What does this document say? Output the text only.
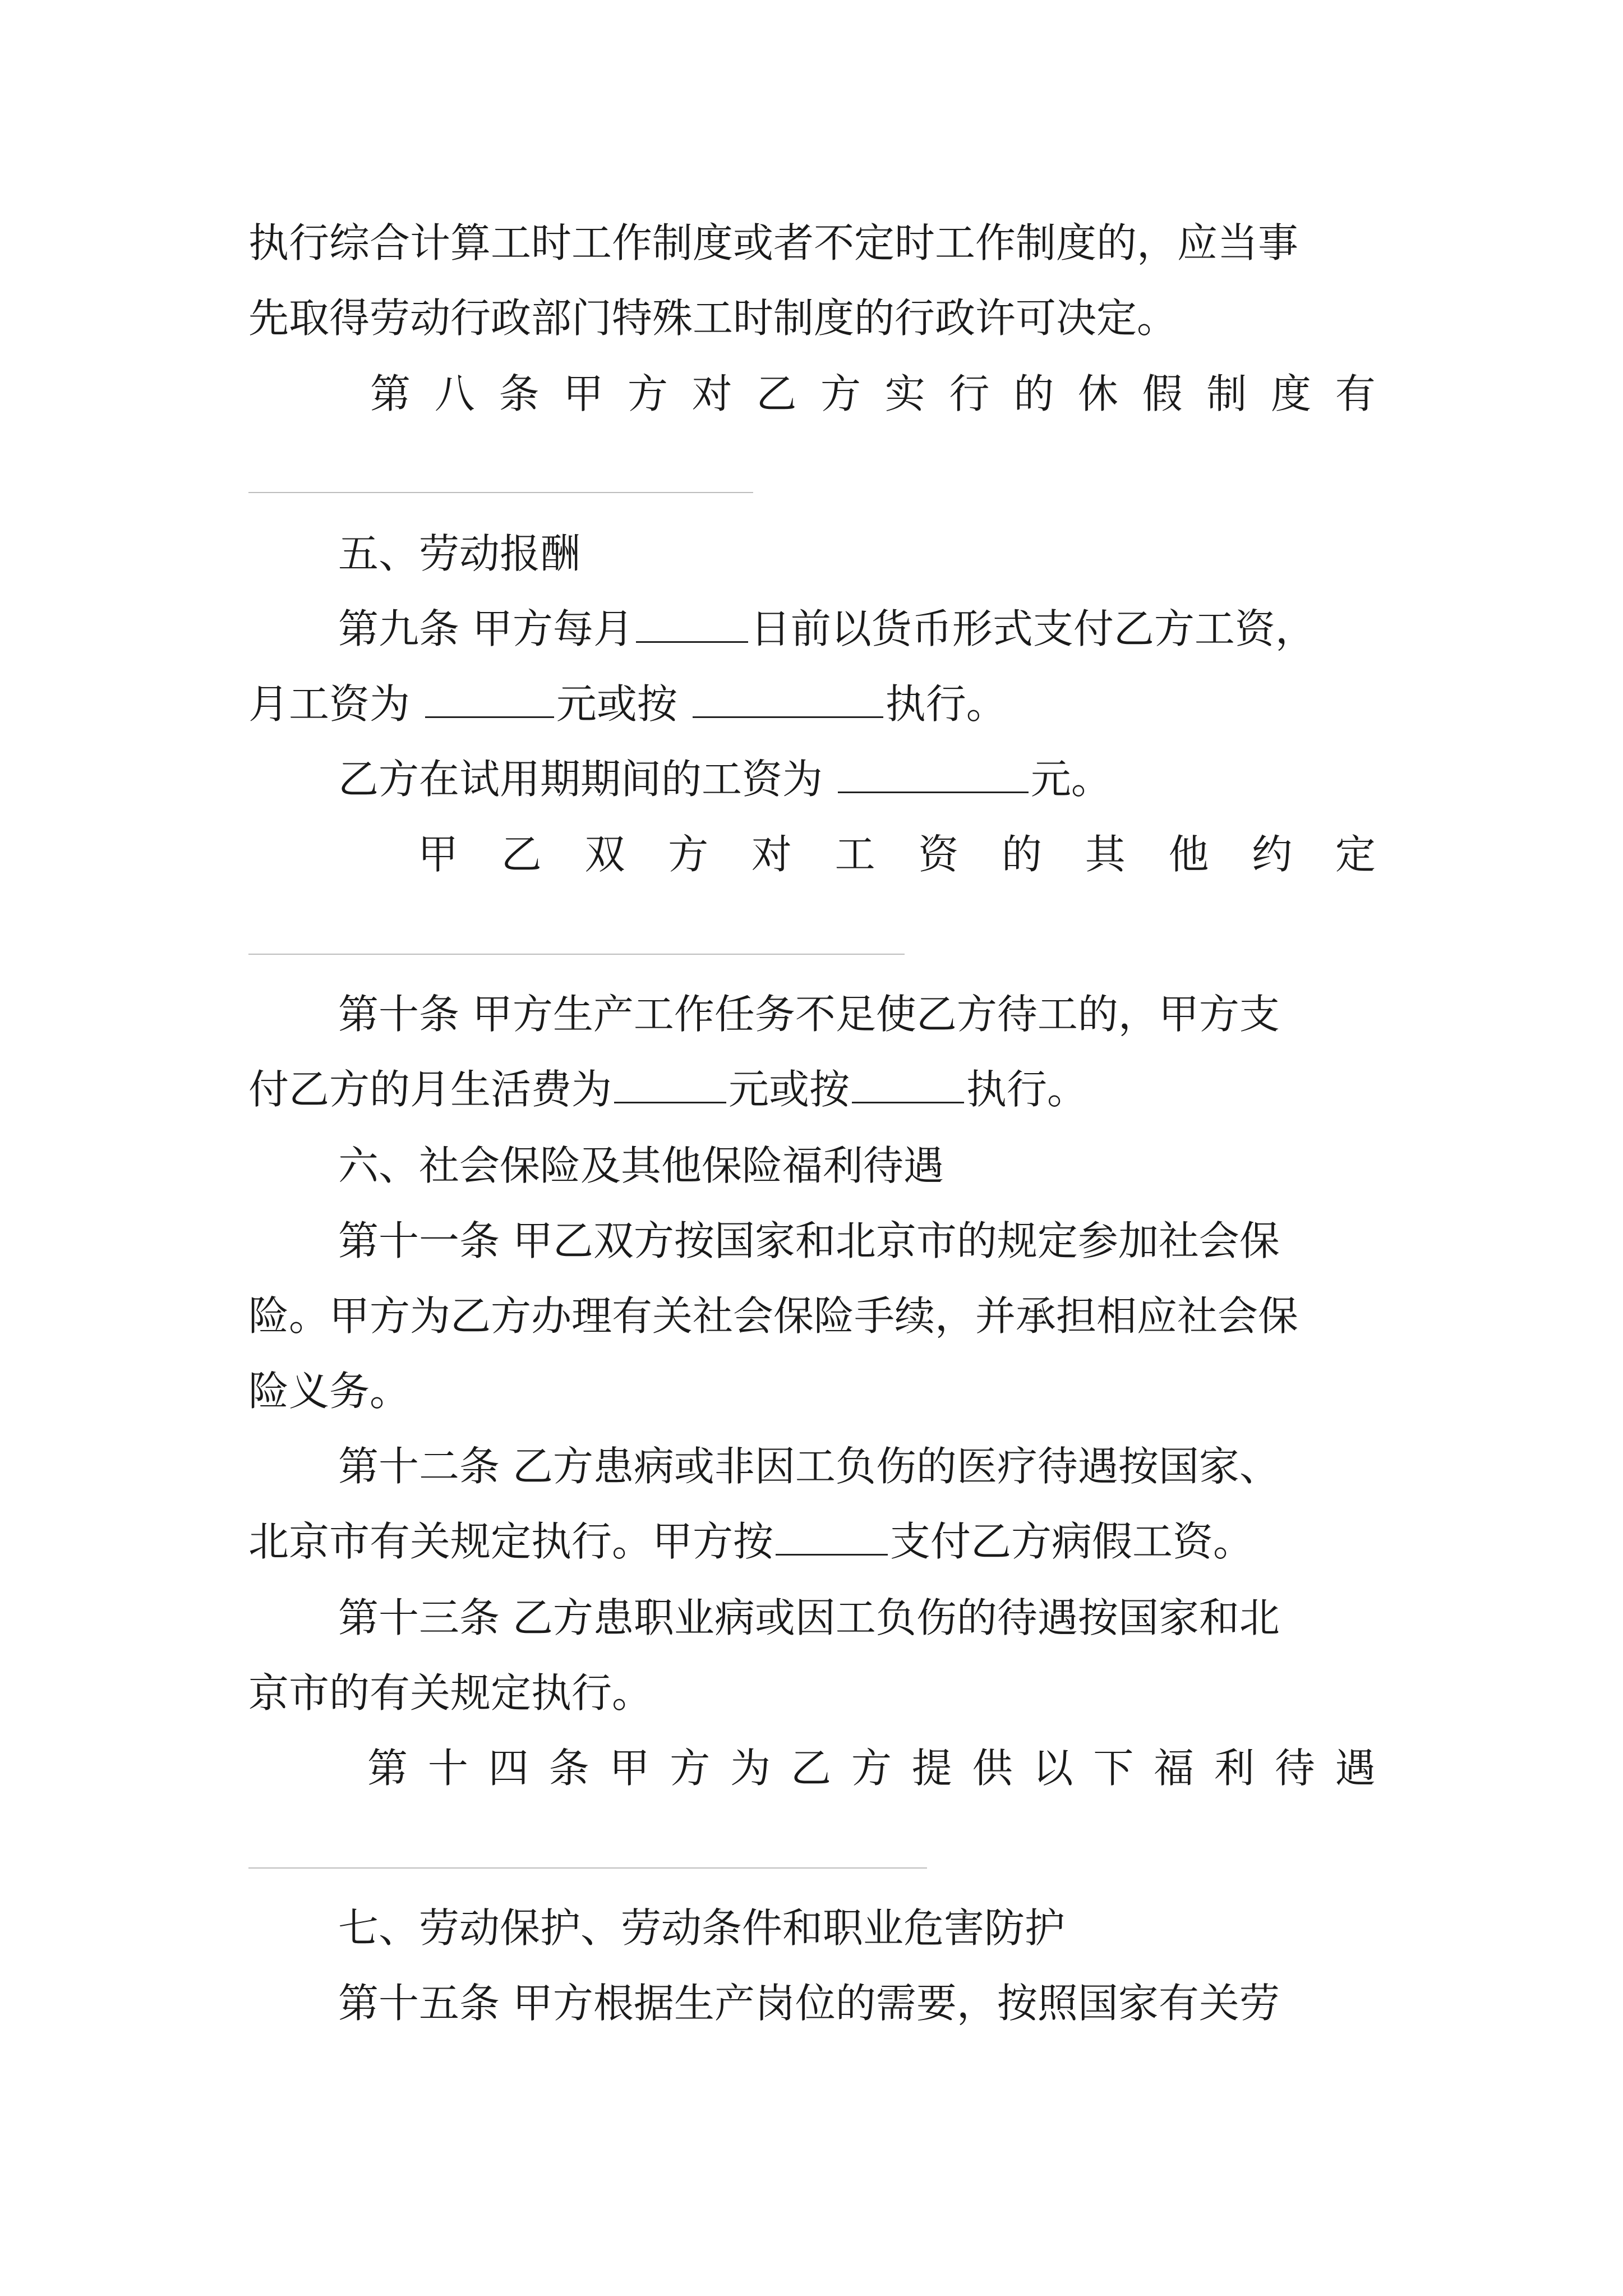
执行综合计算工时工作制度或者不定时工作制度的，应当事
先取得劳动行政部门特殊工时制度的行政许可决定。
第 八 条 甲 方 对 乙 方 实 行 的 休 假 制 度 有
五、劳动报酬
第九条 甲方每月	日前以货币形式支付乙方工资，
月工资为	元或按	执行。
乙方在试用期期间的工资为	元。
甲 乙 双 方 对 工 资 的 其 他 约 定
第十条 甲方生产工作任务不足使乙方待工的，甲方支
付乙方的月生活费为	元或按	执行。
六、社会保险及其他保险福利待遇
第十一条 甲乙双方按国家和北京市的规定参加社会保
险。甲方为乙方办理有关社会保险手续，并承担相应社会保
险义务。
第十二条 乙方患病或非因工负伤的医疗待遇按国家、
北京市有关规定执行。甲方按	支付乙方病假工资。
第十三条 乙方患职业病或因工负伤的待遇按国家和北
京市的有关规定执行。
第 十 四 条 甲 方 为 乙 方 提 供 以 下 福 利 待 遇
七、劳动保护、劳动条件和职业危害防护
第十五条 甲方根据生产岗位的需要，按照国家有关劳
